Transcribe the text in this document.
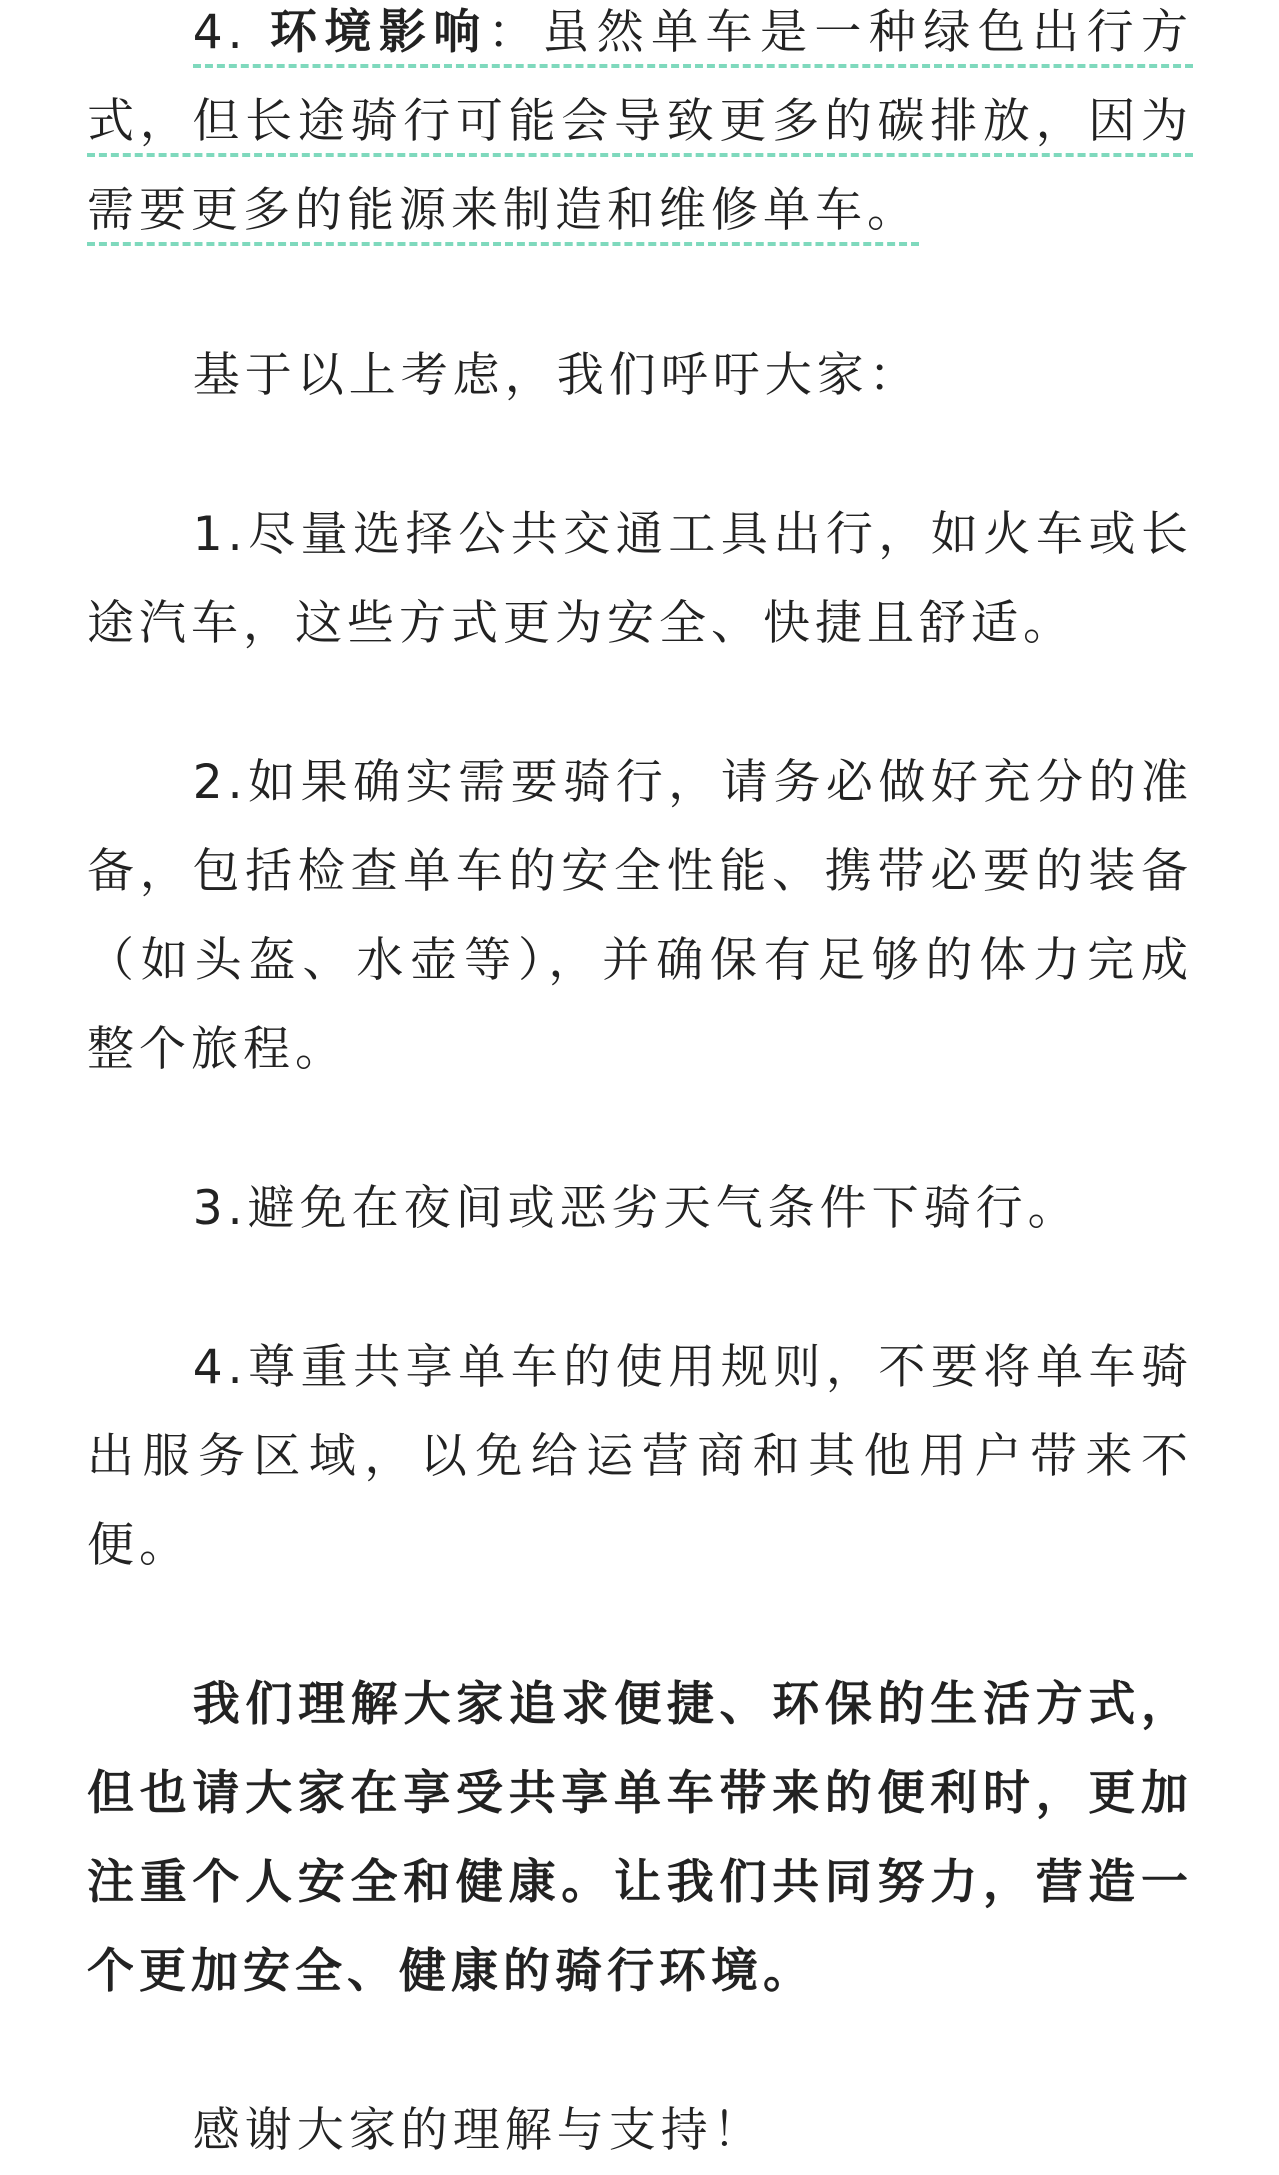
4. 环境影响：虽然单车是一种绿色出行方式，但长途骑行可能会导致更多的碳排放，因为需要更多的能源来制造和维修单车。

基于以上考虑，我们呼吁大家：

1.尽量选择公共交通工具出行，如火车或长途汽车，这些方式更为安全、快捷且舒适。

2.如果确实需要骑行，请务必做好充分的准备，包括检查单车的安全性能、携带必要的装备（如头盔、水壶等），并确保有足够的体力完成整个旅程。

3.避免在夜间或恶劣天气条件下骑行。

4.尊重共享单车的使用规则，不要将单车骑出服务区域，以免给运营商和其他用户带来不便。

我们理解大家追求便捷、环保的生活方式，但也请大家在享受共享单车带来的便利时，更加注重个人安全和健康。让我们共同努力，营造一个更加安全、健康的骑行环境。

感谢大家的理解与支持！
